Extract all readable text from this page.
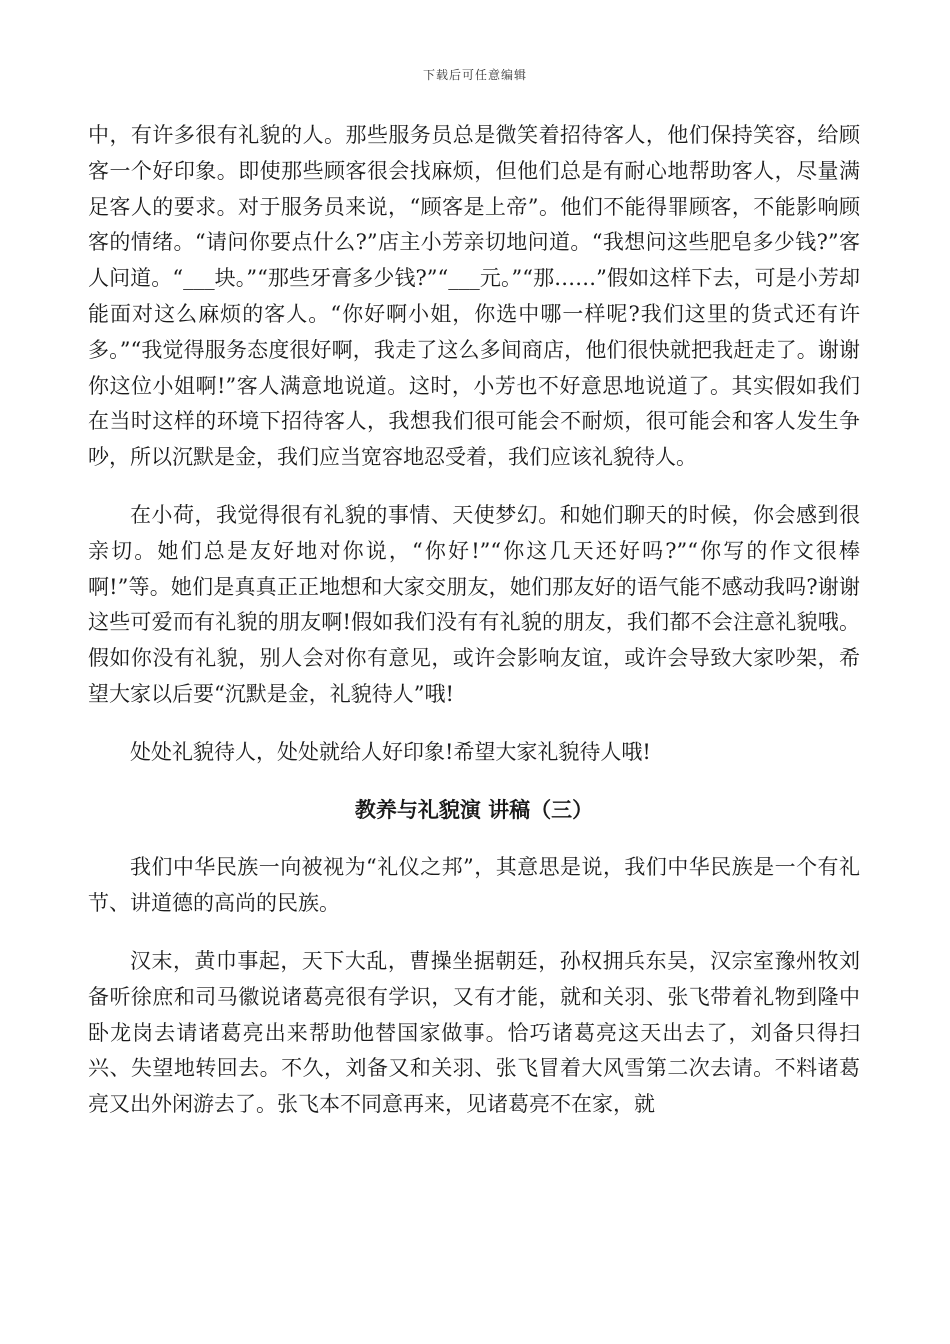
下载后可任意编辑

中，有许多很有礼貌的人。那些服务员总是微笑着招待客人，他们保持笑容，给顾客一个好印象。即使那些顾客很会找麻烦，但他们总是有耐心地帮助客人，尽量满足客人的要求。对于服务员来说，“顾客是上帝”。他们不能得罪顾客，不能影响顾客的情绪。“请问你要点什么?”店主小芳亲切地问道。“我想问这些肥皂多少钱?”客人问道。“___块。”“那些牙膏多少钱?”“___元。”“那……”假如这样下去，可是小芳却能面对这么麻烦的客人。“你好啊小姐，你选中哪一样呢?我们这里的货式还有许多。”“我觉得服务态度很好啊，我走了这么多间商店，他们很快就把我赶走了。谢谢你这位小姐啊!”客人满意地说道。这时，小芳也不好意思地说道了。其实假如我们在当时这样的环境下招待客人，我想我们很可能会不耐烦，很可能会和客人发生争吵，所以沉默是金，我们应当宽容地忍受着，我们应该礼貌待人。

在小荷，我觉得很有礼貌的事情、天使梦幻。和她们聊天的时候，你会感到很亲切。她们总是友好地对你说，“你好!”“你这几天还好吗?”“你写的作文很棒啊!”等。她们是真真正正地想和大家交朋友，她们那友好的语气能不感动我吗?谢谢这些可爱而有礼貌的朋友啊!假如我们没有有礼貌的朋友，我们都不会注意礼貌哦。假如你没有礼貌，别人会对你有意见，或许会影响友谊，或许会导致大家吵架，希望大家以后要“沉默是金，礼貌待人”哦!

处处礼貌待人，处处就给人好印象!希望大家礼貌待人哦!

教养与礼貌演 讲稿（三）

我们中华民族一向被视为“礼仪之邦”，其意思是说，我们中华民族是一个有礼节、讲道德的高尚的民族。

汉末，黄巾事起，天下大乱，曹操坐据朝廷，孙权拥兵东吴，汉宗室豫州牧刘备听徐庶和司马徽说诸葛亮很有学识，又有才能，就和关羽、张飞带着礼物到隆中卧龙岗去请诸葛亮出来帮助他替国家做事。恰巧诸葛亮这天出去了，刘备只得扫兴、失望地转回去。不久，刘备又和关羽、张飞冒着大风雪第二次去请。不料诸葛亮又出外闲游去了。张飞本不同意再来，见诸葛亮不在家，就
